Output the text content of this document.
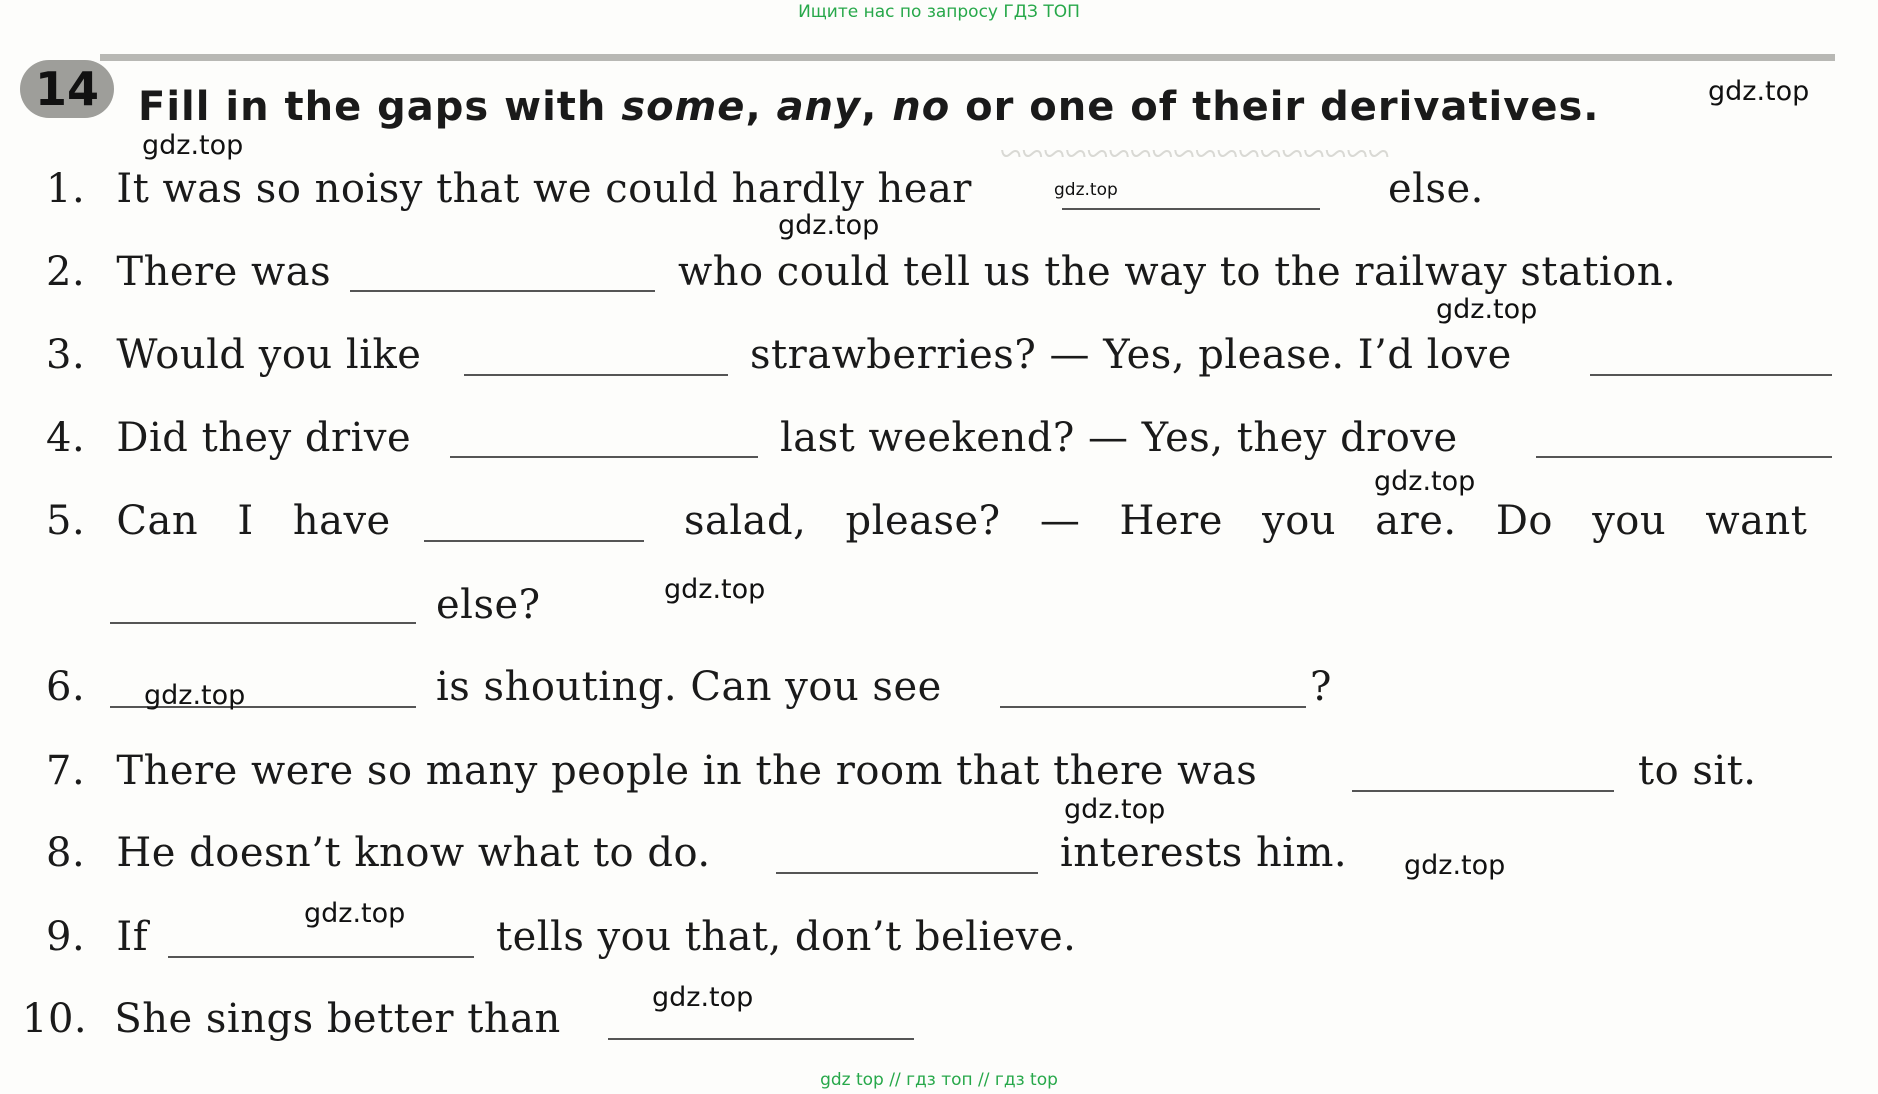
~~~~~~~~~~~~~~~~~~
Ищите нас по запросу ГДЗ ТОП
14 Fill in the gaps with some, any, no or one of their derivatives.
1. It was so noisy that we could hardly hear	else.
2. There was	who could tell us the way to the railway station.
3. Would you like	strawberries? — Yes, please. I’d love
4. Did they drive	last weekend? — Yes, they drove
5. Can I have	salad, please? — Here you are. Do you want
else?
6.	is shouting. Can you see	?
7. There were so many people in the room that there was	to sit.
8. He doesn’t know what to do.	interests him.
9. If	tells you that, don’t believe.
10. She sings better than
gdz.top
gdz.top
gdz.top
gdz.top
gdz.top
gdz.top
gdz.top
gdz.top
gdz.top
gdz.top
gdz.top
gdz.top
gdz top // гдз топ // гдз top
